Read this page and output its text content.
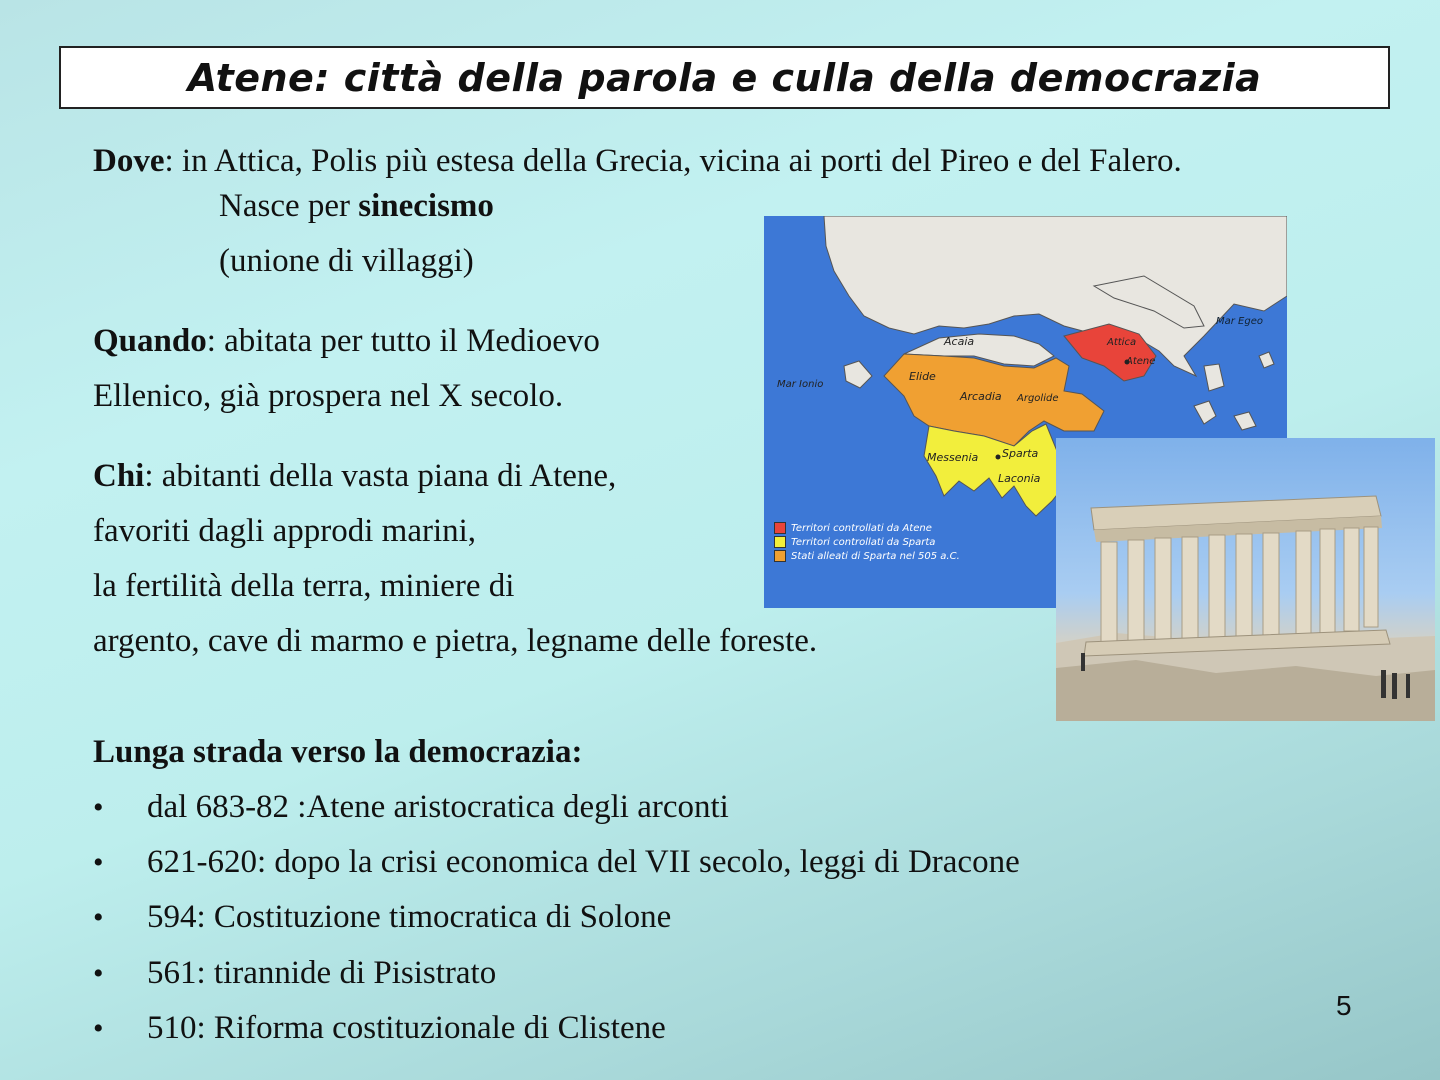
Atene: città della parola e culla della democrazia
Dove: in Attica, Polis più estesa della Grecia, vicina ai porti del Pireo e del Falero.
Nasce per sinecismo
(unione di villaggi)
Quando: abitata per tutto il Medioevo
Ellenico, già prospera nel X secolo.
Chi: abitanti della vasta piana di Atene,
favoriti dagli approdi marini,
la fertilità della terra, miniere di
argento, cave di marmo e pietra, legname delle foreste.
Mar Egeo
Mar Ionio
Acaia	Attica
Atene
Elide
Arcadia Argolide
Messenia Sparta
Laconia
Territori controllati da Atene
Territori controllati da Sparta
Stati alleati di Sparta nel 505 a.C.
Lunga strada verso la democrazia:
• dal 683-82 :Atene aristocratica degli arconti
• 621-620: dopo la crisi economica del VII secolo, leggi di Dracone
• 594: Costituzione timocratica di Solone
• 561: tirannide di Pisistrato
• 510: Riforma costituzionale di Clistene
5
